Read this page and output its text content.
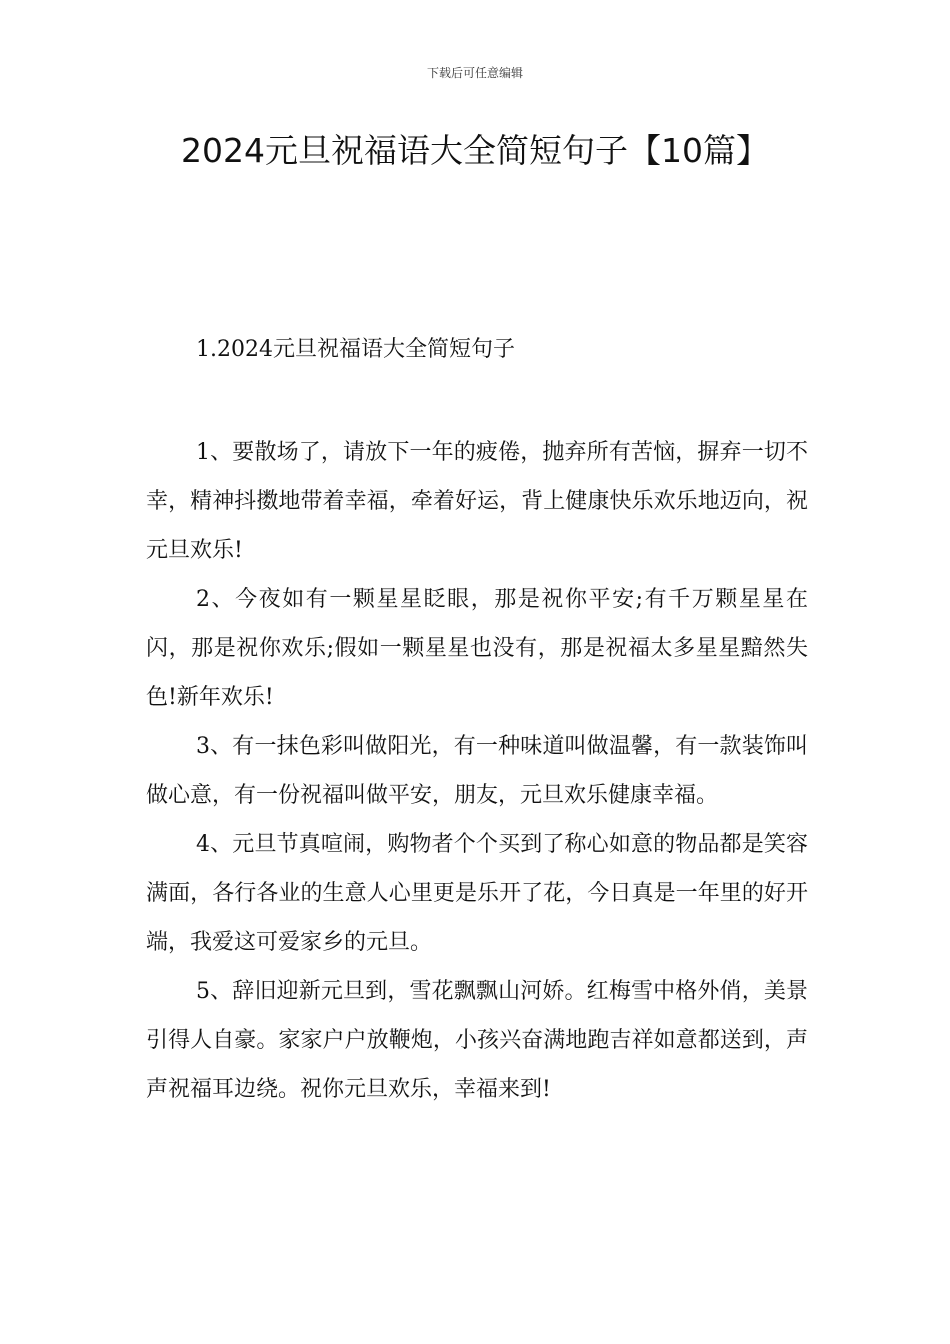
下载后可任意编辑
2024元旦祝福语大全简短句子【10篇】
1.2024元旦祝福语大全简短句子

1、要散场了，请放下一年的疲倦，抛弃所有苦恼，摒弃一切不幸，精神抖擞地带着幸福，牵着好运，背上健康快乐欢乐地迈向，祝元旦欢乐!

2、今夜如有一颗星星眨眼，那是祝你平安;有千万颗星星在闪，那是祝你欢乐;假如一颗星星也没有，那是祝福太多星星黯然失色!新年欢乐!

3、有一抹色彩叫做阳光，有一种味道叫做温馨，有一款装饰叫做心意，有一份祝福叫做平安，朋友，元旦欢乐健康幸福。

4、元旦节真喧闹，购物者个个买到了称心如意的物品都是笑容满面，各行各业的生意人心里更是乐开了花，今日真是一年里的好开端，我爱这可爱家乡的元旦。

5、辞旧迎新元旦到，雪花飘飘山河娇。红梅雪中格外俏，美景引得人自豪。家家户户放鞭炮，小孩兴奋满地跑吉祥如意都送到，声声祝福耳边绕。祝你元旦欢乐，幸福来到!
